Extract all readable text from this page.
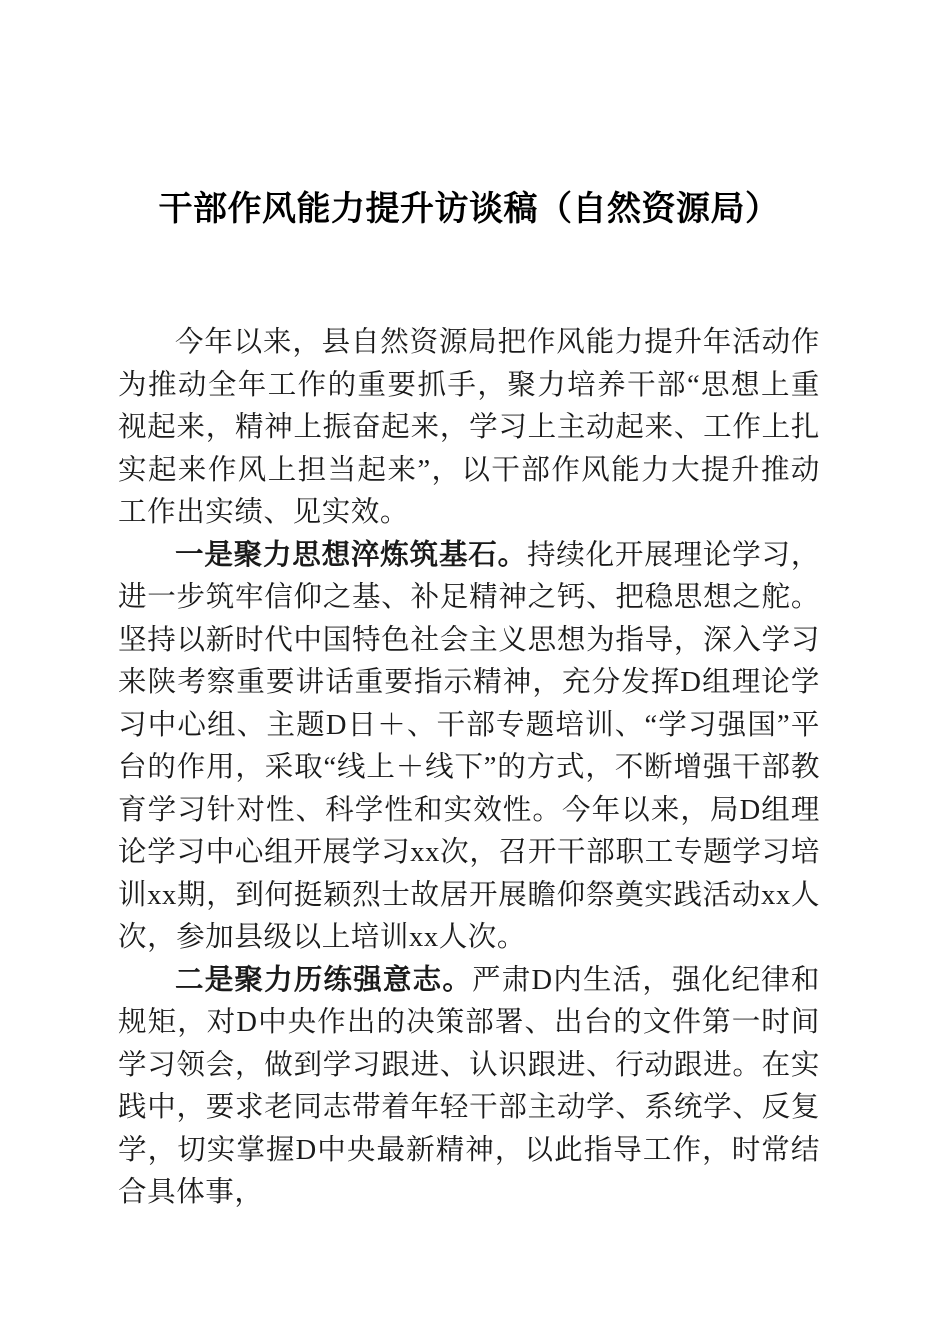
干部作风能力提升访谈稿（自然资源局）

今年以来，县自然资源局把作风能力提升年活动作为推动全年工作的重要抓手，聚力培养干部“思想上重视起来，精神上振奋起来，学习上主动起来、工作上扎实起来作风上担当起来”，以干部作风能力大提升推动工作出实绩、见实效。

一是聚力思想淬炼筑基石。持续化开展理论学习，进一步筑牢信仰之基、补足精神之钙、把稳思想之舵。坚持以新时代中国特色社会主义思想为指导，深入学习来陕考察重要讲话重要指示精神，充分发挥D组理论学习中心组、主题D日＋、干部专题培训、“学习强国”平台的作用，采取“线上＋线下”的方式，不断增强干部教育学习针对性、科学性和实效性。今年以来，局D组理论学习中心组开展学习xx次，召开干部职工专题学习培训xx期，到何挺颖烈士故居开展瞻仰祭奠实践活动xx人次，参加县级以上培训xx人次。

二是聚力历练强意志。严肃D内生活，强化纪律和规矩，对D中央作出的决策部署、出台的文件第一时间学习领会，做到学习跟进、认识跟进、行动跟进。在实践中，要求老同志带着年轻干部主动学、系统学、反复学，切实掌握D中央最新精神，以此指导工作，时常结合具体事，
